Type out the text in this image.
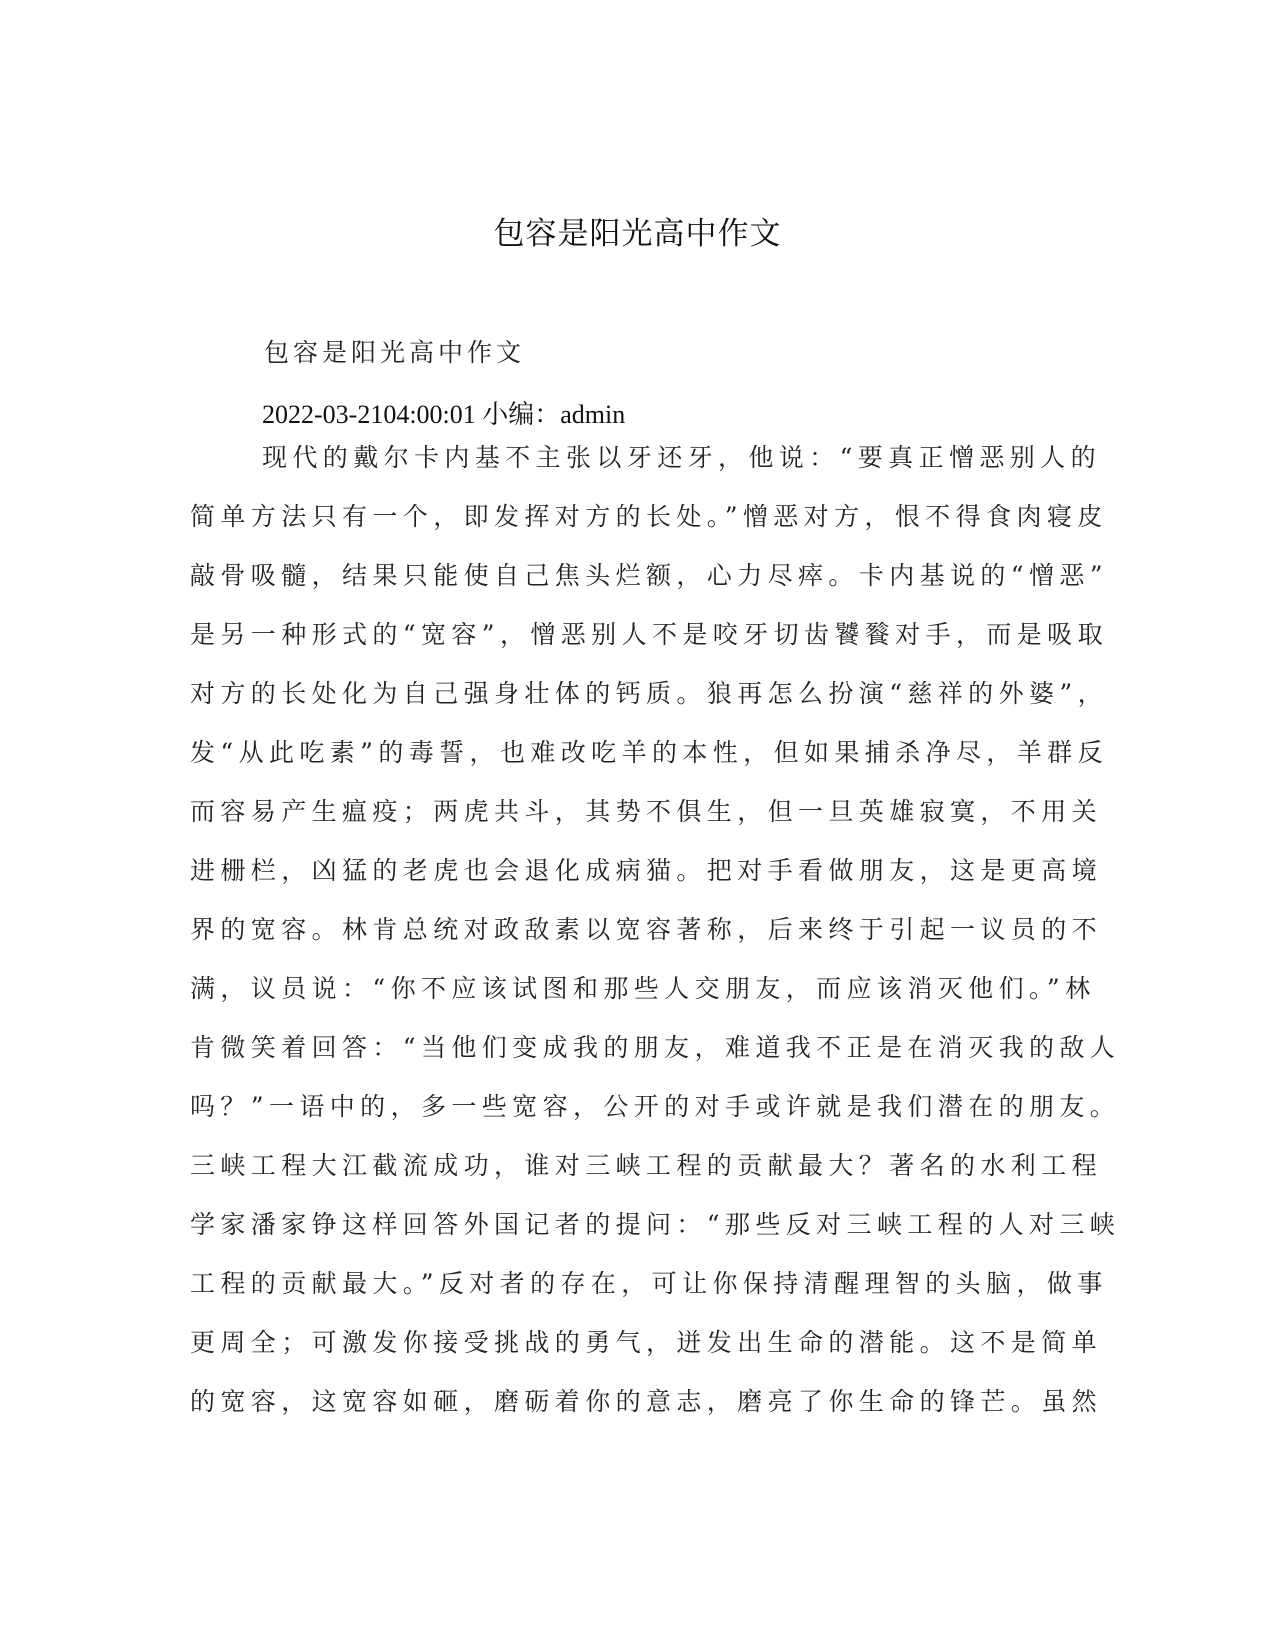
包容是阳光高中作文
包容是阳光高中作文
2022-03-2104:00:01 小编：admin
现代的戴尔卡内基不主张以牙还牙，他说：“要真正憎恶别人的
简单方法只有一个，即发挥对方的长处。”憎恶对方，恨不得食肉寝皮
敲骨吸髓，结果只能使自己焦头烂额，心力尽瘁。卡内基说的“憎恶”
是另一种形式的“宽容”，憎恶别人不是咬牙切齿饕餮对手，而是吸取
对方的长处化为自己强身壮体的钙质。狼再怎么扮演“慈祥的外婆”，
发“从此吃素”的毒誓，也难改吃羊的本性，但如果捕杀净尽，羊群反
而容易产生瘟疫；两虎共斗，其势不俱生，但一旦英雄寂寞，不用关
进栅栏，凶猛的老虎也会退化成病猫。把对手看做朋友，这是更高境
界的宽容。林肯总统对政敌素以宽容著称，后来终于引起一议员的不
满，议员说：“你不应该试图和那些人交朋友，而应该消灭他们。”林
肯微笑着回答：“当他们变成我的朋友，难道我不正是在消灭我的敌人
吗？”一语中的，多一些宽容，公开的对手或许就是我们潜在的朋友。
三峡工程大江截流成功，谁对三峡工程的贡献最大？著名的水利工程
学家潘家铮这样回答外国记者的提问：“那些反对三峡工程的人对三峡
工程的贡献最大。”反对者的存在，可让你保持清醒理智的头脑，做事
更周全；可激发你接受挑战的勇气，迸发出生命的潜能。这不是简单
的宽容，这宽容如砸，磨砺着你的意志，磨亮了你生命的锋芒。虽然
